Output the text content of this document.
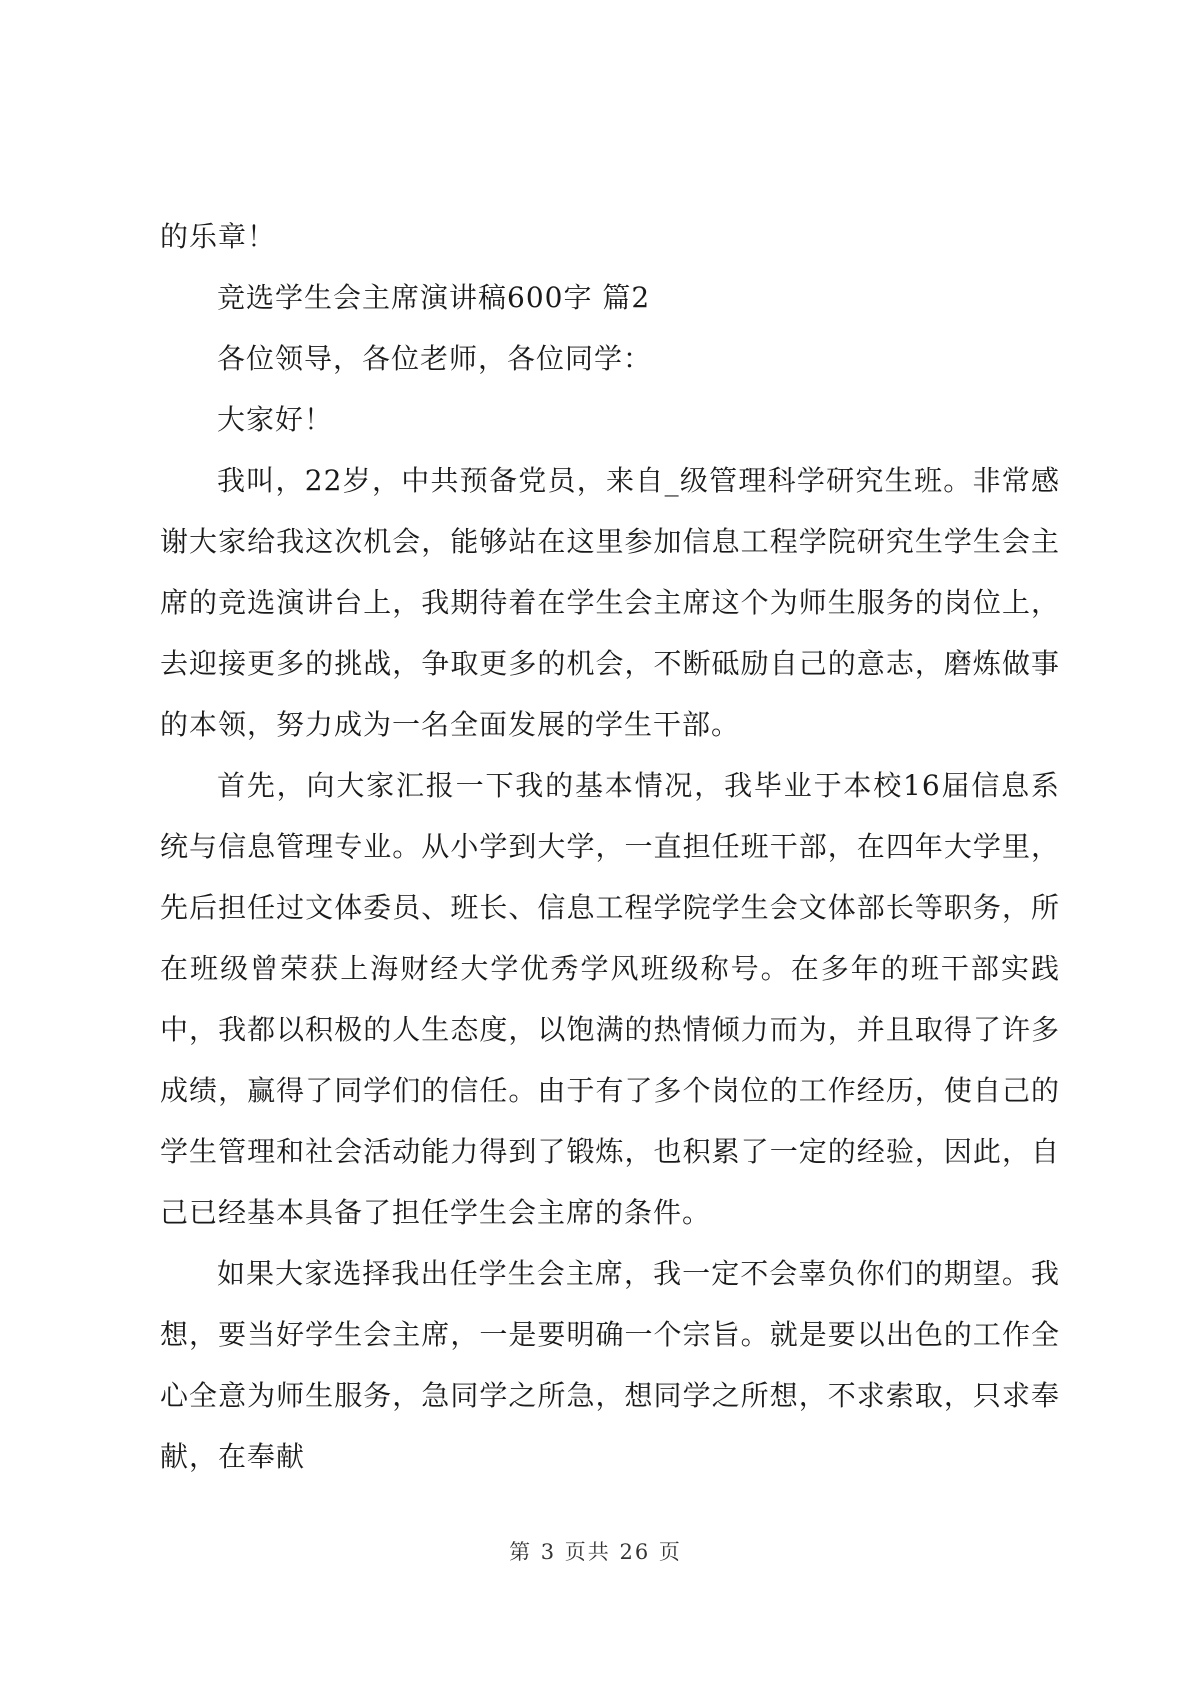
的乐章！

竞选学生会主席演讲稿600字 篇2

各位领导，各位老师，各位同学：

大家好！

我叫，22岁，中共预备党员，来自_级管理科学研究生班。非常感谢大家给我这次机会，能够站在这里参加信息工程学院研究生学生会主席的竞选演讲台上，我期待着在学生会主席这个为师生服务的岗位上，去迎接更多的挑战，争取更多的机会，不断砥励自己的意志，磨炼做事的本领，努力成为一名全面发展的学生干部。

首先，向大家汇报一下我的基本情况，我毕业于本校16届信息系统与信息管理专业。从小学到大学，一直担任班干部，在四年大学里，先后担任过文体委员、班长、信息工程学院学生会文体部长等职务，所在班级曾荣获上海财经大学优秀学风班级称号。在多年的班干部实践中，我都以积极的人生态度，以饱满的热情倾力而为，并且取得了许多成绩，赢得了同学们的信任。由于有了多个岗位的工作经历，使自己的学生管理和社会活动能力得到了锻炼，也积累了一定的经验，因此，自己已经基本具备了担任学生会主席的条件。

如果大家选择我出任学生会主席，我一定不会辜负你们的期望。我想，要当好学生会主席，一是要明确一个宗旨。就是要以出色的工作全心全意为师生服务，急同学之所急，想同学之所想，不求索取，只求奉献，在奉献

第 3 页共 26 页
